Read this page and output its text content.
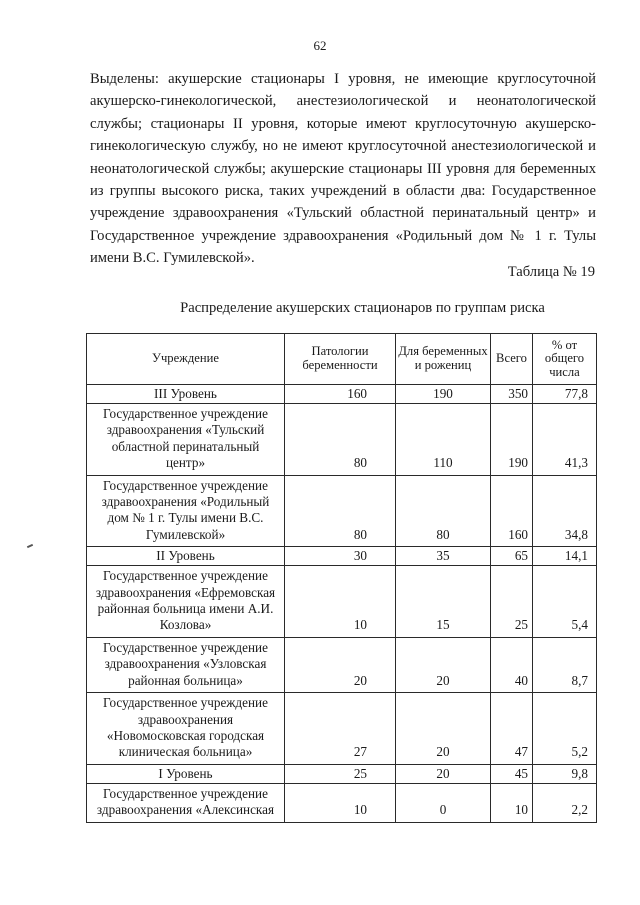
62

Выделены: акушерские стационары I уровня, не имеющие круглосуточной акушерско-гинекологической, анестезиологической и неонатологической службы; стационары II уровня, которые имеют круглосуточную акушерско-гинекологическую службу, но не имеют круглосуточной анестезиологической и неонатологической службы; акушерские стационары III уровня для беременных из группы высокого риска, таких учреждений в области два: Государственное учреждение здравоохранения «Тульский областной перинатальный центр» и Государственное учреждение здравоохранения «Родильный дом № 1 г. Тулы имени В.С. Гумилевской».

Таблица № 19
Распределение акушерских стационаров по группам риска
Учреждение	Патологии беременности	Для беременных и рожениц	Всего	% от общего числа
III Уровень	160	190	350	77,8
Государственное учреждение здравоохранения «Тульский областной перинатальный центр»	80	110	190	41,3
Государственное учреждение здравоохранения «Родильный дом № 1 г. Тулы имени В.С. Гумилевской»	80	80	160	34,8
II Уровень	30	35	65	14,1
Государственное учреждение здравоохранения «Ефремовская районная больница имени А.И. Козлова»	10	15	25	5,4
Государственное учреждение здравоохранения «Узловская районная больница»	20	20	40	8,7
Государственное учреждение здравоохранения «Новомосковская городская клиническая больница»	27	20	47	5,2
I Уровень	25	20	45	9,8
Государственное учреждение здравоохранения «Алексинская	10	0	10	2,2
